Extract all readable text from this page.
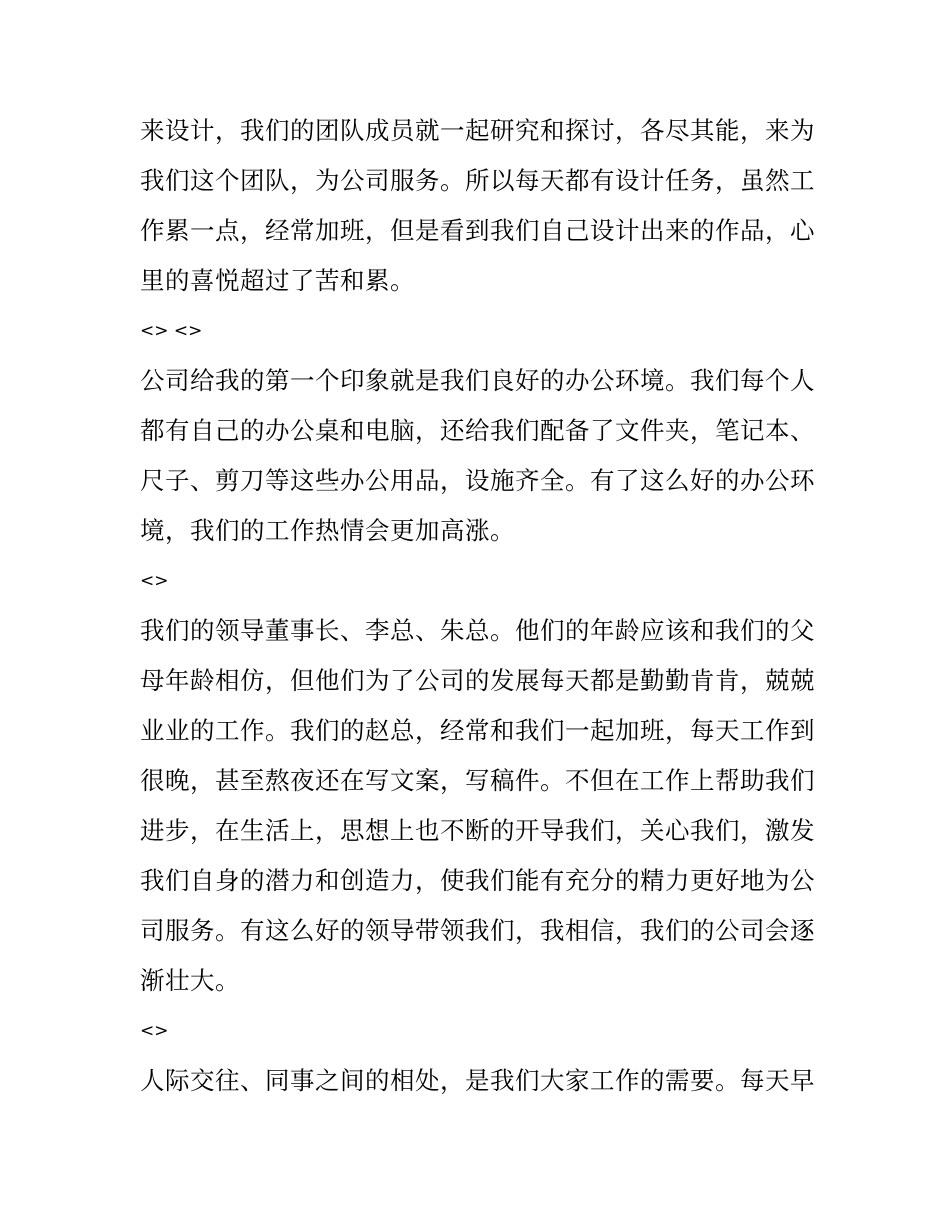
来设计，我们的团队成员就一起研究和探讨，各尽其能，来为我们这个团队，为公司服务。所以每天都有设计任务，虽然工作累一点，经常加班，但是看到我们自己设计出来的作品，心里的喜悦超过了苦和累。

<> <>

公司给我的第一个印象就是我们良好的办公环境。我们每个人都有自己的办公桌和电脑，还给我们配备了文件夹，笔记本、尺子、剪刀等这些办公用品，设施齐全。有了这么好的办公环境，我们的工作热情会更加高涨。

<>

我们的领导董事长、李总、朱总。他们的年龄应该和我们的父母年龄相仿，但他们为了公司的发展每天都是勤勤肯肯，兢兢业业的工作。我们的赵总，经常和我们一起加班，每天工作到很晚，甚至熬夜还在写文案，写稿件。不但在工作上帮助我们进步，在生活上，思想上也不断的开导我们，关心我们，激发我们自身的潜力和创造力，使我们能有充分的精力更好地为公司服务。有这么好的领导带领我们，我相信，我们的公司会逐渐壮大。

<>

人际交往、同事之间的相处，是我们大家工作的需要。每天早
